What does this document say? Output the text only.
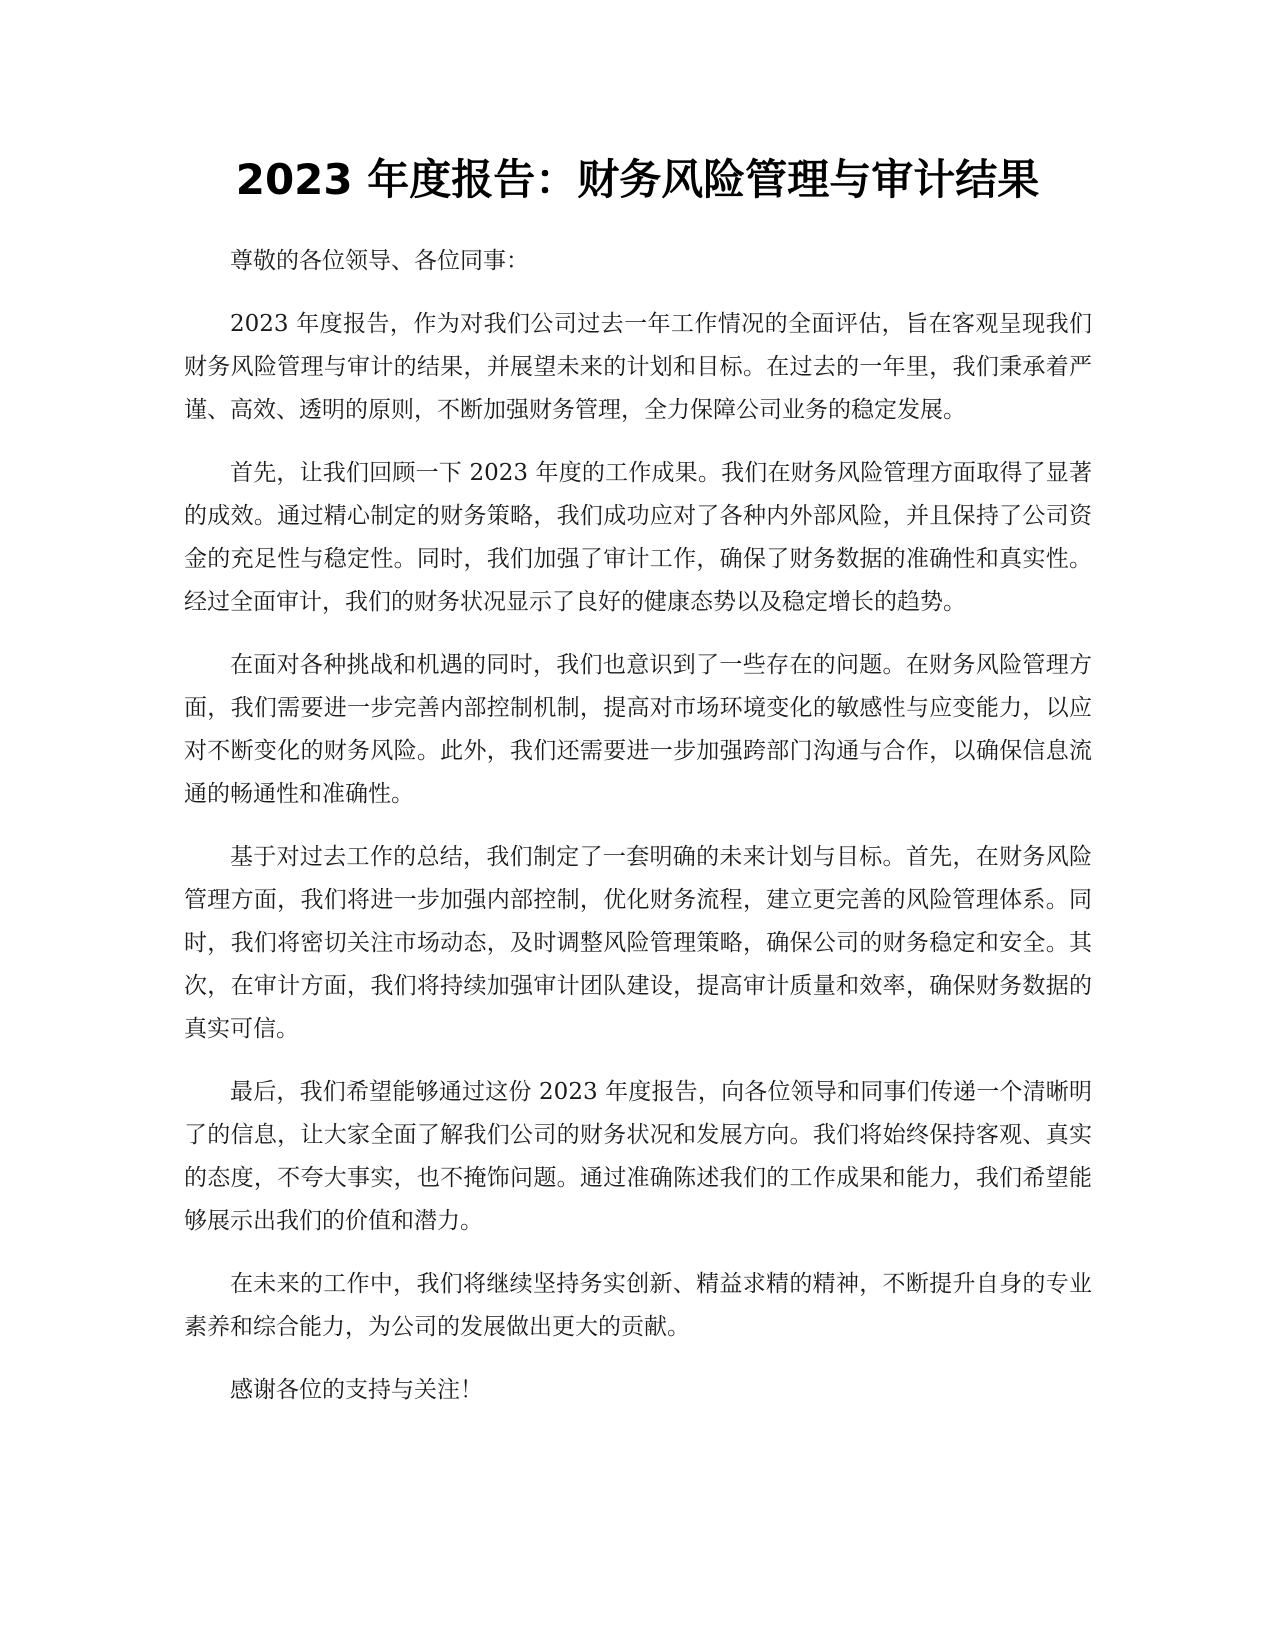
2023 年度报告：财务风险管理与审计结果

尊敬的各位领导、各位同事：

2023 年度报告，作为对我们公司过去一年工作情况的全面评估，旨在客观呈现我们财务风险管理与审计的结果，并展望未来的计划和目标。在过去的一年里，我们秉承着严谨、高效、透明的原则，不断加强财务管理，全力保障公司业务的稳定发展。

首先，让我们回顾一下 2023 年度的工作成果。我们在财务风险管理方面取得了显著的成效。通过精心制定的财务策略，我们成功应对了各种内外部风险，并且保持了公司资金的充足性与稳定性。同时，我们加强了审计工作，确保了财务数据的准确性和真实性。经过全面审计，我们的财务状况显示了良好的健康态势以及稳定增长的趋势。

在面对各种挑战和机遇的同时，我们也意识到了一些存在的问题。在财务风险管理方面，我们需要进一步完善内部控制机制，提高对市场环境变化的敏感性与应变能力，以应对不断变化的财务风险。此外，我们还需要进一步加强跨部门沟通与合作，以确保信息流通的畅通性和准确性。

基于对过去工作的总结，我们制定了一套明确的未来计划与目标。首先，在财务风险管理方面，我们将进一步加强内部控制，优化财务流程，建立更完善的风险管理体系。同时，我们将密切关注市场动态，及时调整风险管理策略，确保公司的财务稳定和安全。其次，在审计方面，我们将持续加强审计团队建设，提高审计质量和效率，确保财务数据的真实可信。

最后，我们希望能够通过这份 2023 年度报告，向各位领导和同事们传递一个清晰明了的信息，让大家全面了解我们公司的财务状况和发展方向。我们将始终保持客观、真实的态度，不夸大事实，也不掩饰问题。通过准确陈述我们的工作成果和能力，我们希望能够展示出我们的价值和潜力。

在未来的工作中，我们将继续坚持务实创新、精益求精的精神，不断提升自身的专业素养和综合能力，为公司的发展做出更大的贡献。

感谢各位的支持与关注！
